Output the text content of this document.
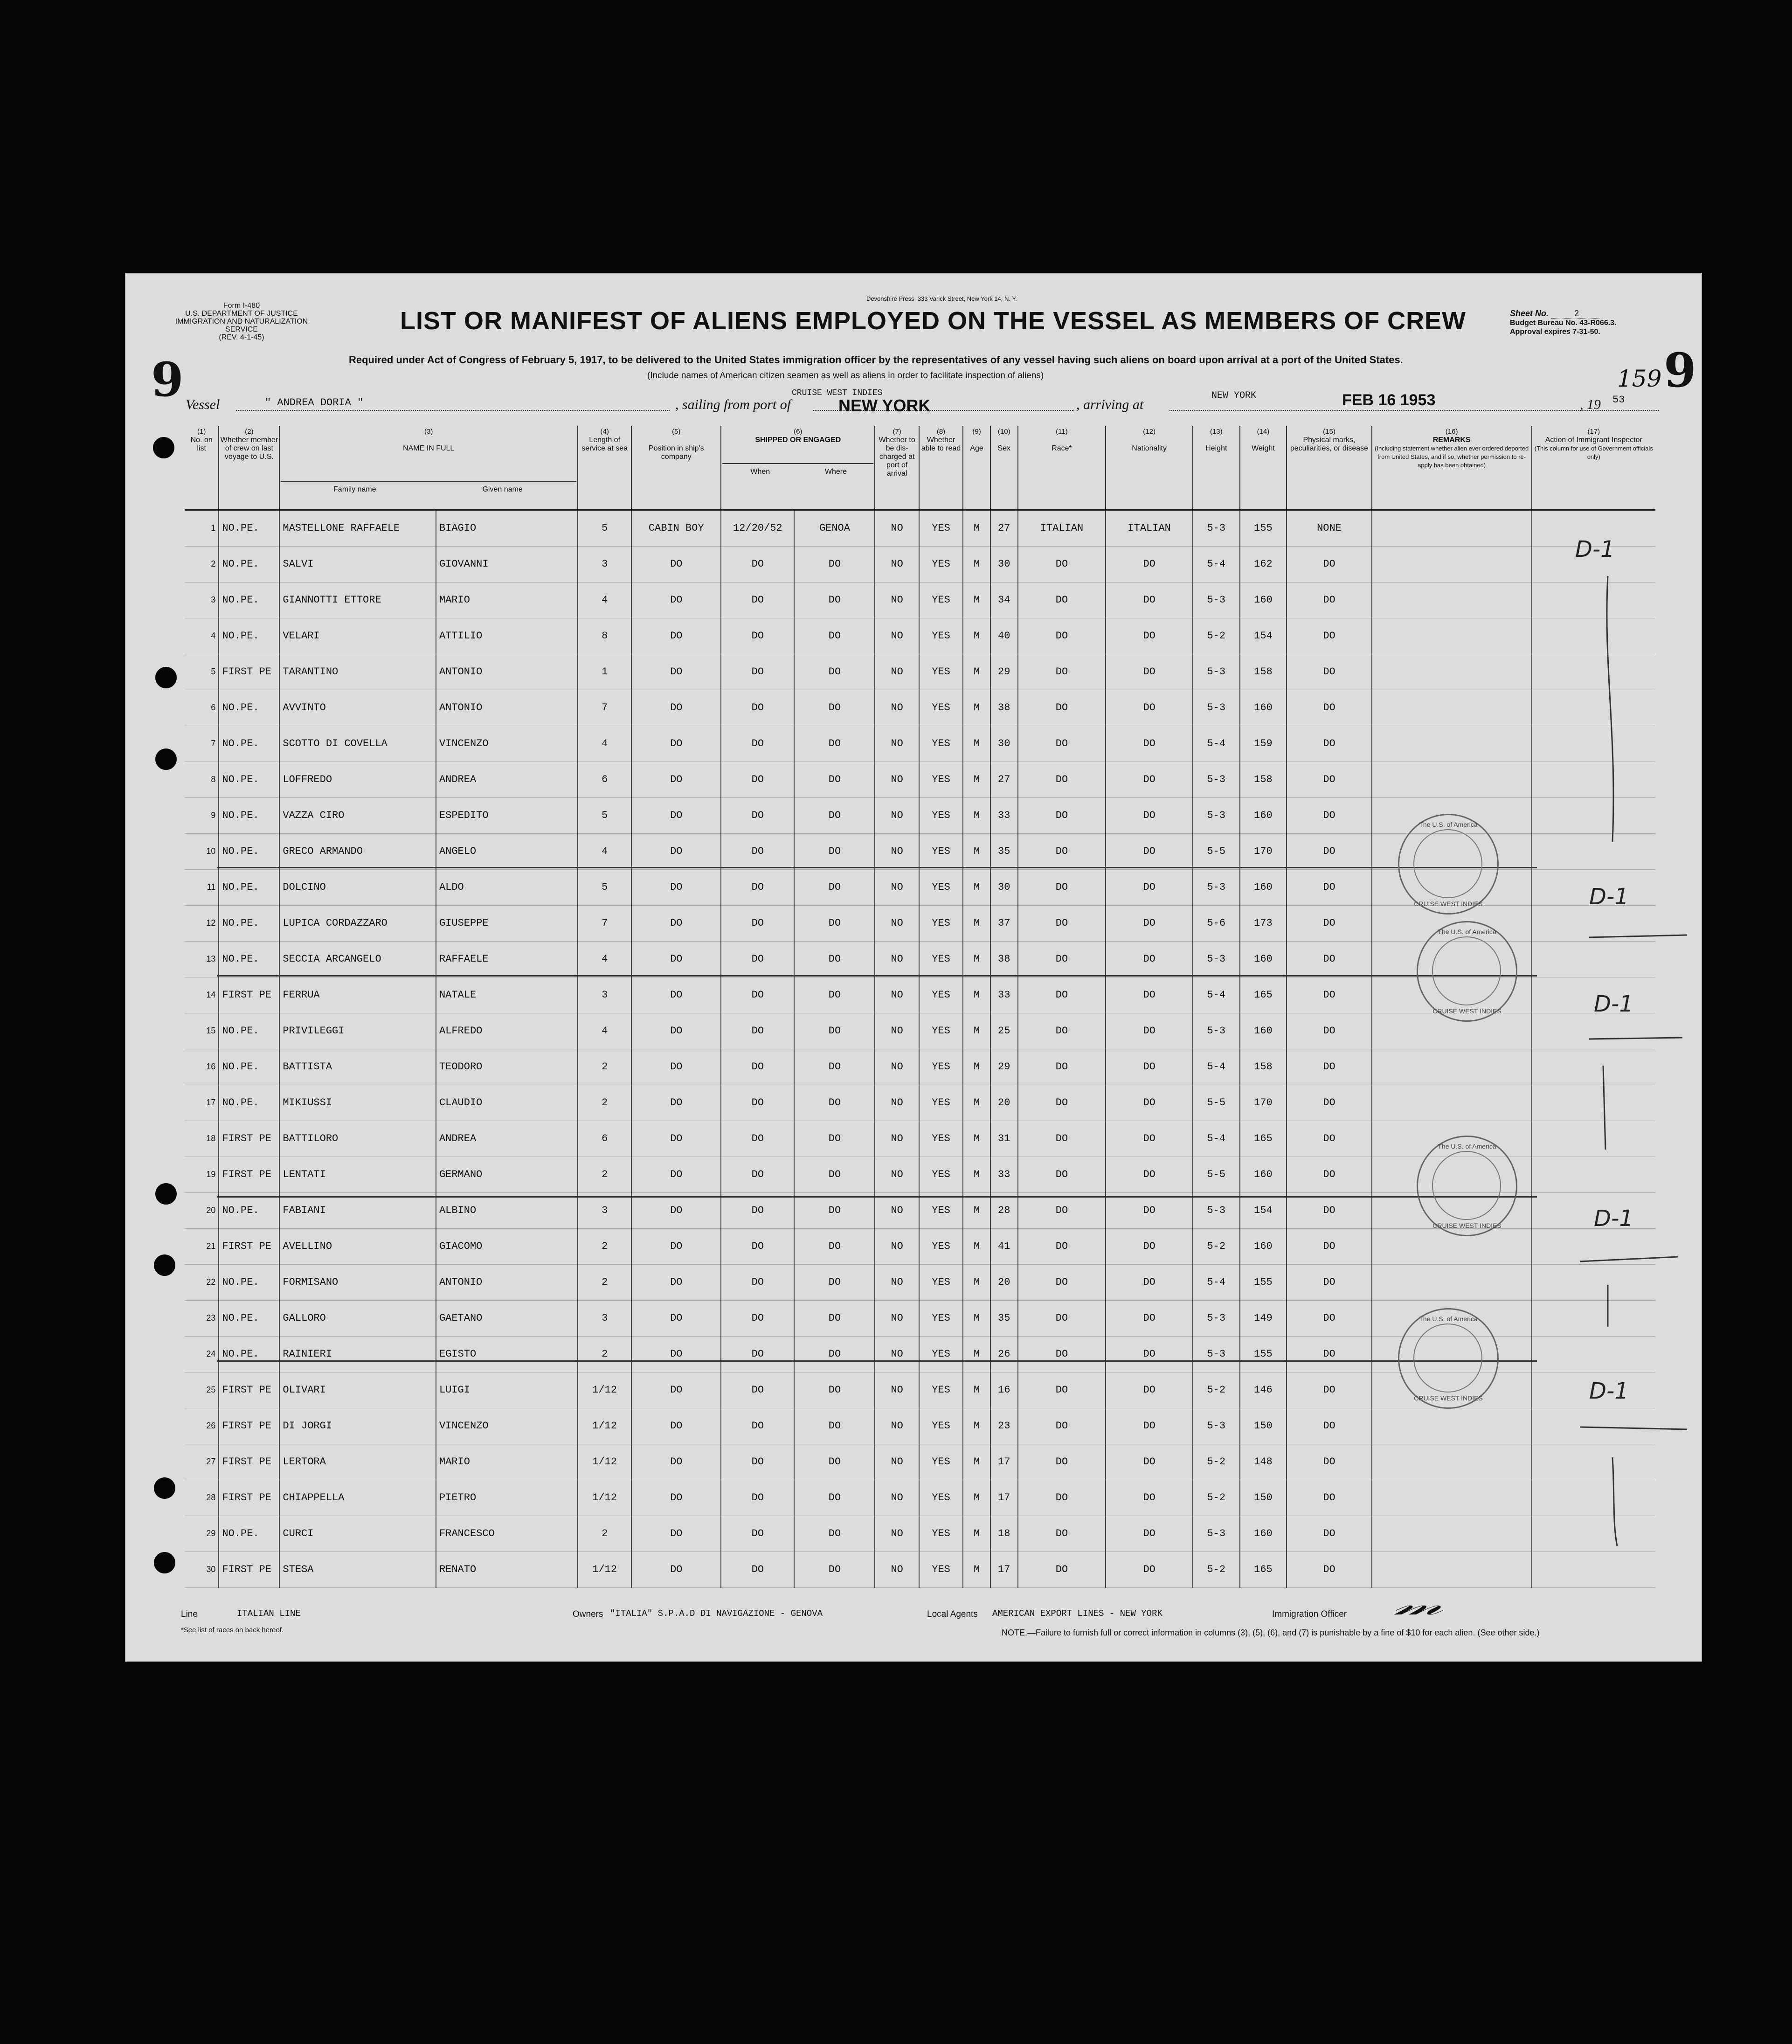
Devonshire Press, 333 Varick Street, New York 14, N. Y.
Form I-480
U.S. DEPARTMENT OF JUSTICE
IMMIGRATION AND NATURALIZATION SERVICE
(REV. 4-1-45)
LIST OR MANIFEST OF ALIENS EMPLOYED ON THE VESSEL AS MEMBERS OF CREW	Sheet No.	2
Budget Bureau No. 43-R066.3.
Approval expires 7-31-50.
Required under Act of Congress of February 5, 1917, to be delivered to the United States immigration officer by the representatives of any vessel having such aliens on board upon arrival at a port of the United States.
(Include names of American citizen seamen as well as aliens in order to facilitate inspection of aliens)
9	9
159
Vessel	" ANDREA DORIA "	, sailing from port of
CRUISE WEST INDIES
NEW YORK	, arriving at
NEW YORK	FEB 16 1953	, 19 53
(1)
No. on list	(2)
Whether member of crew on last voyage to U.S.	(3)

NAME IN FULL
Family name Given name		(4)
Length of service at sea	(5)

Position in ship's company	(6)
SHIPPED OR ENGAGED
When Where		(7)
Whether to be dis-charged at port of arrival	(8)
Whether able to read	(9)

Age	(10)

Sex	(11)

Race*	(12)

Nationality	(13)

Height	(14)

Weight	(15)
Physical marks, peculiarities, or disease	(16)
REMARKS
(Including statement whether alien ever ordered deported from United States, and if so, whether permission to re-apply has been obtained)	(17)
Action of Immigrant Inspector
(This column for use of Government officials only)
1	NO.PE.	MASTELLONE RAFFAELE	BIAGIO	5	CABIN BOY	12/20/52	GENOA	NO	YES	M	27	ITALIAN	ITALIAN	5-3	155	NONE		
2	NO.PE.	SALVI	GIOVANNI	3	DO	DO	DO	NO	YES	M	30	DO	DO	5-4	162	DO		
3	NO.PE.	GIANNOTTI ETTORE	MARIO	4	DO	DO	DO	NO	YES	M	34	DO	DO	5-3	160	DO		
4	NO.PE.	VELARI	ATTILIO	8	DO	DO	DO	NO	YES	M	40	DO	DO	5-2	154	DO		
5	FIRST PE	TARANTINO	ANTONIO	1	DO	DO	DO	NO	YES	M	29	DO	DO	5-3	158	DO		
6	NO.PE.	AVVINTO	ANTONIO	7	DO	DO	DO	NO	YES	M	38	DO	DO	5-3	160	DO		
7	NO.PE.	SCOTTO DI COVELLA	VINCENZO	4	DO	DO	DO	NO	YES	M	30	DO	DO	5-4	159	DO		
8	NO.PE.	LOFFREDO	ANDREA	6	DO	DO	DO	NO	YES	M	27	DO	DO	5-3	158	DO		
9	NO.PE.	VAZZA CIRO	ESPEDITO	5	DO	DO	DO	NO	YES	M	33	DO	DO	5-3	160	DO		
10	NO.PE.	GRECO ARMANDO	ANGELO	4	DO	DO	DO	NO	YES	M	35	DO	DO	5-5	170	DO		
11	NO.PE.	DOLCINO	ALDO	5	DO	DO	DO	NO	YES	M	30	DO	DO	5-3	160	DO		
12	NO.PE.	LUPICA CORDAZZARO	GIUSEPPE	7	DO	DO	DO	NO	YES	M	37	DO	DO	5-6	173	DO		
13	NO.PE.	SECCIA ARCANGELO	RAFFAELE	4	DO	DO	DO	NO	YES	M	38	DO	DO	5-3	160	DO		
14	FIRST PE	FERRUA	NATALE	3	DO	DO	DO	NO	YES	M	33	DO	DO	5-4	165	DO		
15	NO.PE.	PRIVILEGGI	ALFREDO	4	DO	DO	DO	NO	YES	M	25	DO	DO	5-3	160	DO		
16	NO.PE.	BATTISTA	TEODORO	2	DO	DO	DO	NO	YES	M	29	DO	DO	5-4	158	DO		
17	NO.PE.	MIKIUSSI	CLAUDIO	2	DO	DO	DO	NO	YES	M	20	DO	DO	5-5	170	DO		
18	FIRST PE	BATTILORO	ANDREA	6	DO	DO	DO	NO	YES	M	31	DO	DO	5-4	165	DO		
19	FIRST PE	LENTATI	GERMANO	2	DO	DO	DO	NO	YES	M	33	DO	DO	5-5	160	DO		
20	NO.PE.	FABIANI	ALBINO	3	DO	DO	DO	NO	YES	M	28	DO	DO	5-3	154	DO		
21	FIRST PE	AVELLINO	GIACOMO	2	DO	DO	DO	NO	YES	M	41	DO	DO	5-2	160	DO		
22	NO.PE.	FORMISANO	ANTONIO	2	DO	DO	DO	NO	YES	M	20	DO	DO	5-4	155	DO		
23	NO.PE.	GALLORO	GAETANO	3	DO	DO	DO	NO	YES	M	35	DO	DO	5-3	149	DO		
24	NO.PE.	RAINIERI	EGISTO	2	DO	DO	DO	NO	YES	M	26	DO	DO	5-3	155	DO		
25	FIRST PE	OLIVARI	LUIGI	1/12	DO	DO	DO	NO	YES	M	16	DO	DO	5-2	146	DO		
26	FIRST PE	DI JORGI	VINCENZO	1/12	DO	DO	DO	NO	YES	M	23	DO	DO	5-3	150	DO		
27	FIRST PE	LERTORA	MARIO	1/12	DO	DO	DO	NO	YES	M	17	DO	DO	5-2	148	DO		
28	FIRST PE	CHIAPPELLA	PIETRO	1/12	DO	DO	DO	NO	YES	M	17	DO	DO	5-2	150	DO		
29	NO.PE.	CURCI	FRANCESCO	2	DO	DO	DO	NO	YES	M	18	DO	DO	5-3	160	DO		
30	FIRST PE	STESA	RENATO	1/12	DO	DO	DO	NO	YES	M	17	DO	DO	5-2	165	DO		
The U.S. of America
CRUISE WEST INDIES
The U.S. of America
CRUISE WEST INDIES
The U.S. of America
CRUISE WEST INDIES
The U.S. of America
CRUISE WEST INDIES
D-1
D-1
D-1
D-1
D-1
Line	ITALIAN LINE	Owners "ITALIA" S.P.A.D DI NAVIGAZIONE - GENOVA	Local Agents AMERICAN EXPORT LINES - NEW YORK	Immigration Officer 𝓂
*See list of races on back hereof.	NOTE.—Failure to furnish full or correct information in columns (3), (5), (6), and (7) is punishable by a fine of $10 for each alien. (See other side.)
